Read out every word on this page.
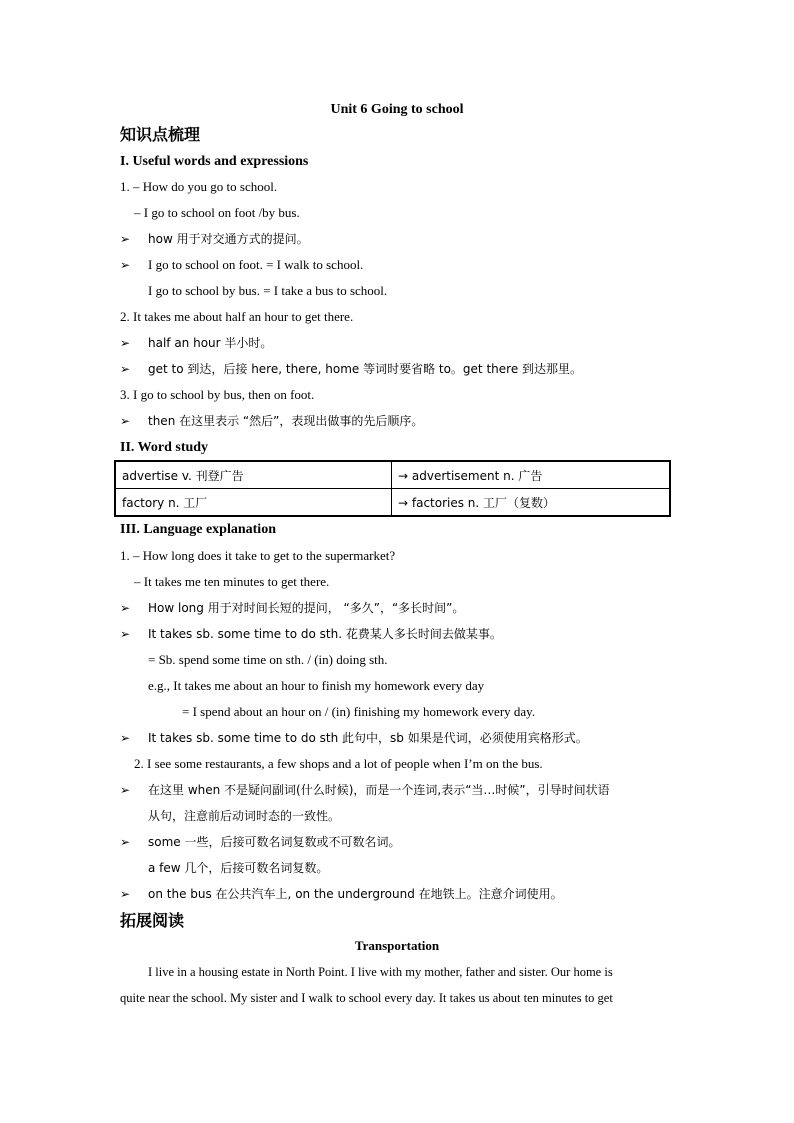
Unit 6 Going to school
知识点梳理
I. Useful words and expressions
1. – How do you go to school.
– I go to school on foot /by bus.
➢ how 用于对交通方式的提问。
➢ I go to school on foot. = I walk to school.
I go to school by bus. = I take a bus to school.
2. It takes me about half an hour to get there.
➢ half an hour 半小时。
➢ get to 到达，后接 here, there, home 等词时要省略 to。get there 到达那里。
3. I go to school by bus, then on foot.
➢ then 在这里表示 “然后”，表现出做事的先后顺序。
II. Word study
advertise v. 刊登广告	→ advertisement n. 广告
factory n. 工厂	→ factories n. 工厂（复数）
III. Language explanation
1. – How long does it take to get to the supermarket?
– It takes me ten minutes to get there.
➢ How long 用于对时间长短的提问， “多久”，“多长时间”。
➢ It takes sb. some time to do sth. 花费某人多长时间去做某事。
= Sb. spend some time on sth. / (in) doing sth.
e.g., It takes me about an hour to finish my homework every day
= I spend about an hour on / (in) finishing my homework every day.
➢ It takes sb. some time to do sth 此句中，sb 如果是代词，必须使用宾格形式。
2. I see some restaurants, a few shops and a lot of people when I’m on the bus.
➢ 在这里 when 不是疑问副词(什么时候)，而是一个连词,表示“当…时候”，引导时间状语
从句，注意前后动词时态的一致性。
➢ some 一些，后接可数名词复数或不可数名词。
a few 几个，后接可数名词复数。
➢ on the bus 在公共汽车上, on the underground 在地铁上。注意介词使用。
拓展阅读
Transportation
I live in a housing estate in North Point. I live with my mother, father and sister. Our home is
quite near the school. My sister and I walk to school every day. It takes us about ten minutes to get
